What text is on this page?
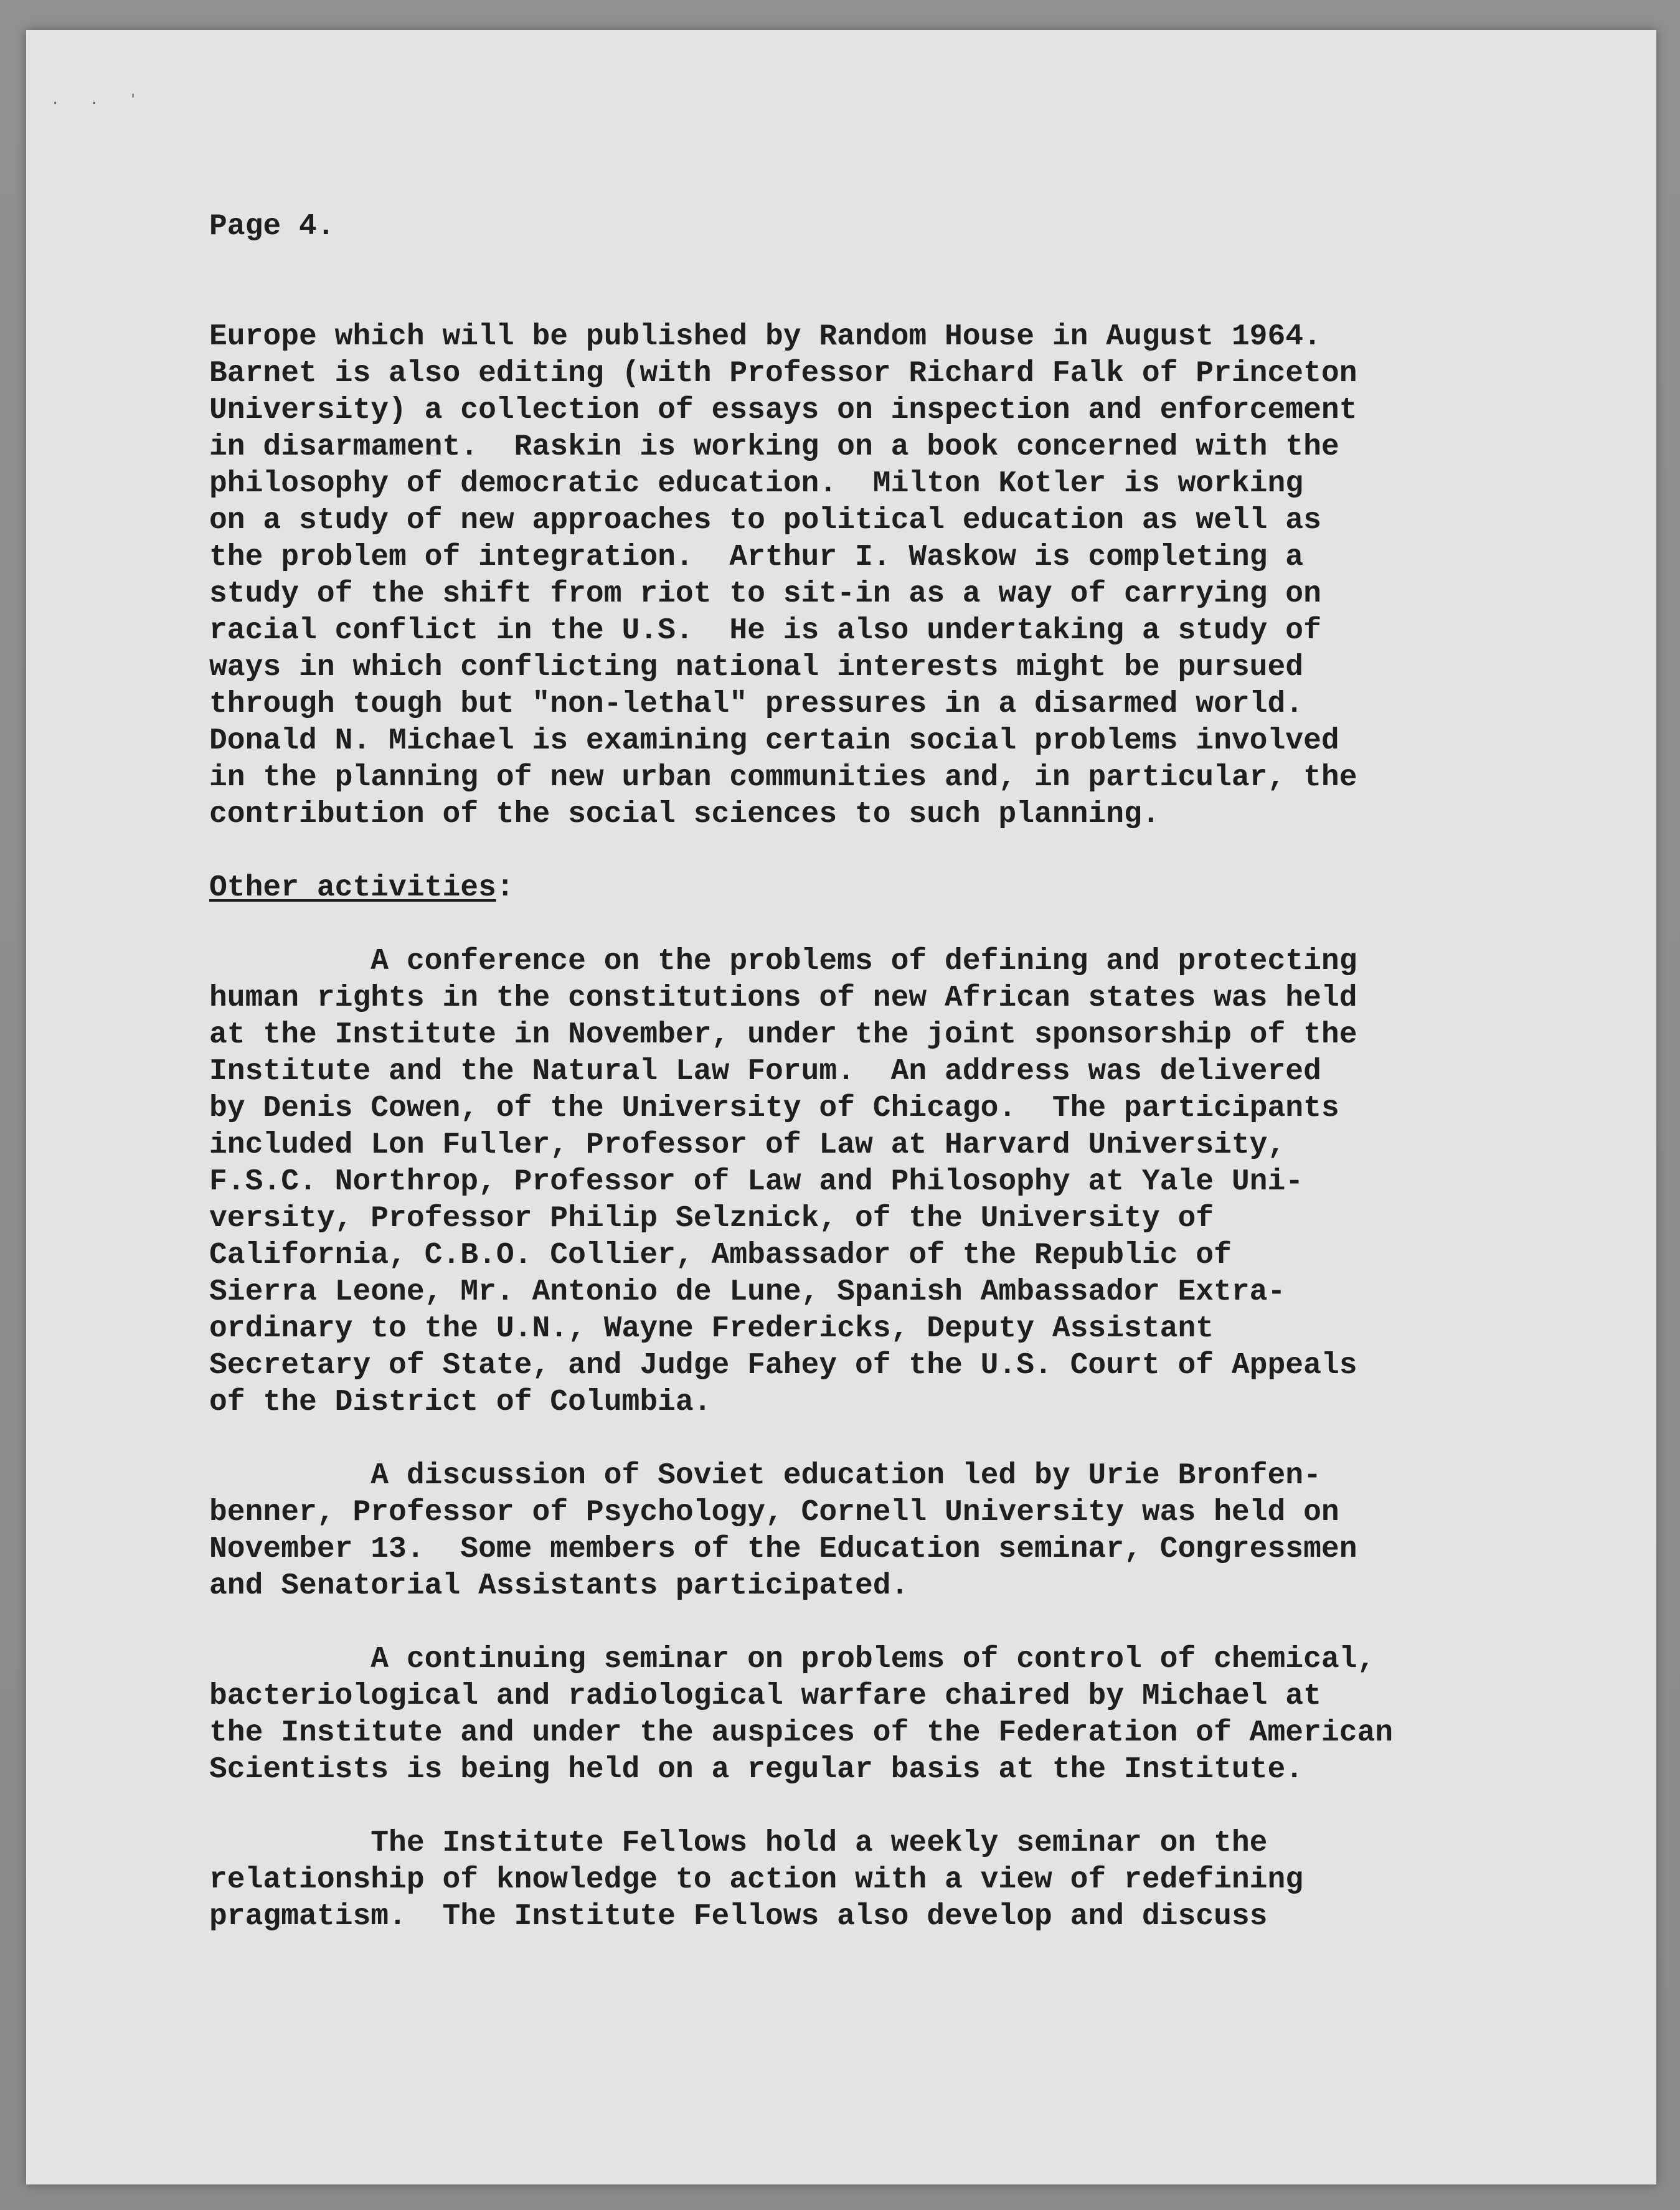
. . '
Page 4.
Europe which will be published by Random House in August 1964.
Barnet is also editing (with Professor Richard Falk of Princeton
University) a collection of essays on inspection and enforcement
in disarmament.  Raskin is working on a book concerned with the
philosophy of democratic education.  Milton Kotler is working
on a study of new approaches to political education as well as
the problem of integration.  Arthur I. Waskow is completing a
study of the shift from riot to sit-in as a way of carrying on
racial conflict in the U.S.  He is also undertaking a study of
ways in which conflicting national interests might be pursued
through tough but "non-lethal" pressures in a disarmed world.
Donald N. Michael is examining certain social problems involved
in the planning of new urban communities and, in particular, the
contribution of the social sciences to such planning.
Other activities:
A conference on the problems of defining and protecting
human rights in the constitutions of new African states was held
at the Institute in November, under the joint sponsorship of the
Institute and the Natural Law Forum.  An address was delivered
by Denis Cowen, of the University of Chicago.  The participants
included Lon Fuller, Professor of Law at Harvard University,
F.S.C. Northrop, Professor of Law and Philosophy at Yale Uni-
versity, Professor Philip Selznick, of the University of
California, C.B.O. Collier, Ambassador of the Republic of
Sierra Leone, Mr. Antonio de Lune, Spanish Ambassador Extra-
ordinary to the U.N., Wayne Fredericks, Deputy Assistant
Secretary of State, and Judge Fahey of the U.S. Court of Appeals
of the District of Columbia.
A discussion of Soviet education led by Urie Bronfen-
benner, Professor of Psychology, Cornell University was held on
November 13.  Some members of the Education seminar, Congressmen
and Senatorial Assistants participated.
A continuing seminar on problems of control of chemical,
bacteriological and radiological warfare chaired by Michael at
the Institute and under the auspices of the Federation of American
Scientists is being held on a regular basis at the Institute.
The Institute Fellows hold a weekly seminar on the
relationship of knowledge to action with a view of redefining
pragmatism.  The Institute Fellows also develop and discuss
